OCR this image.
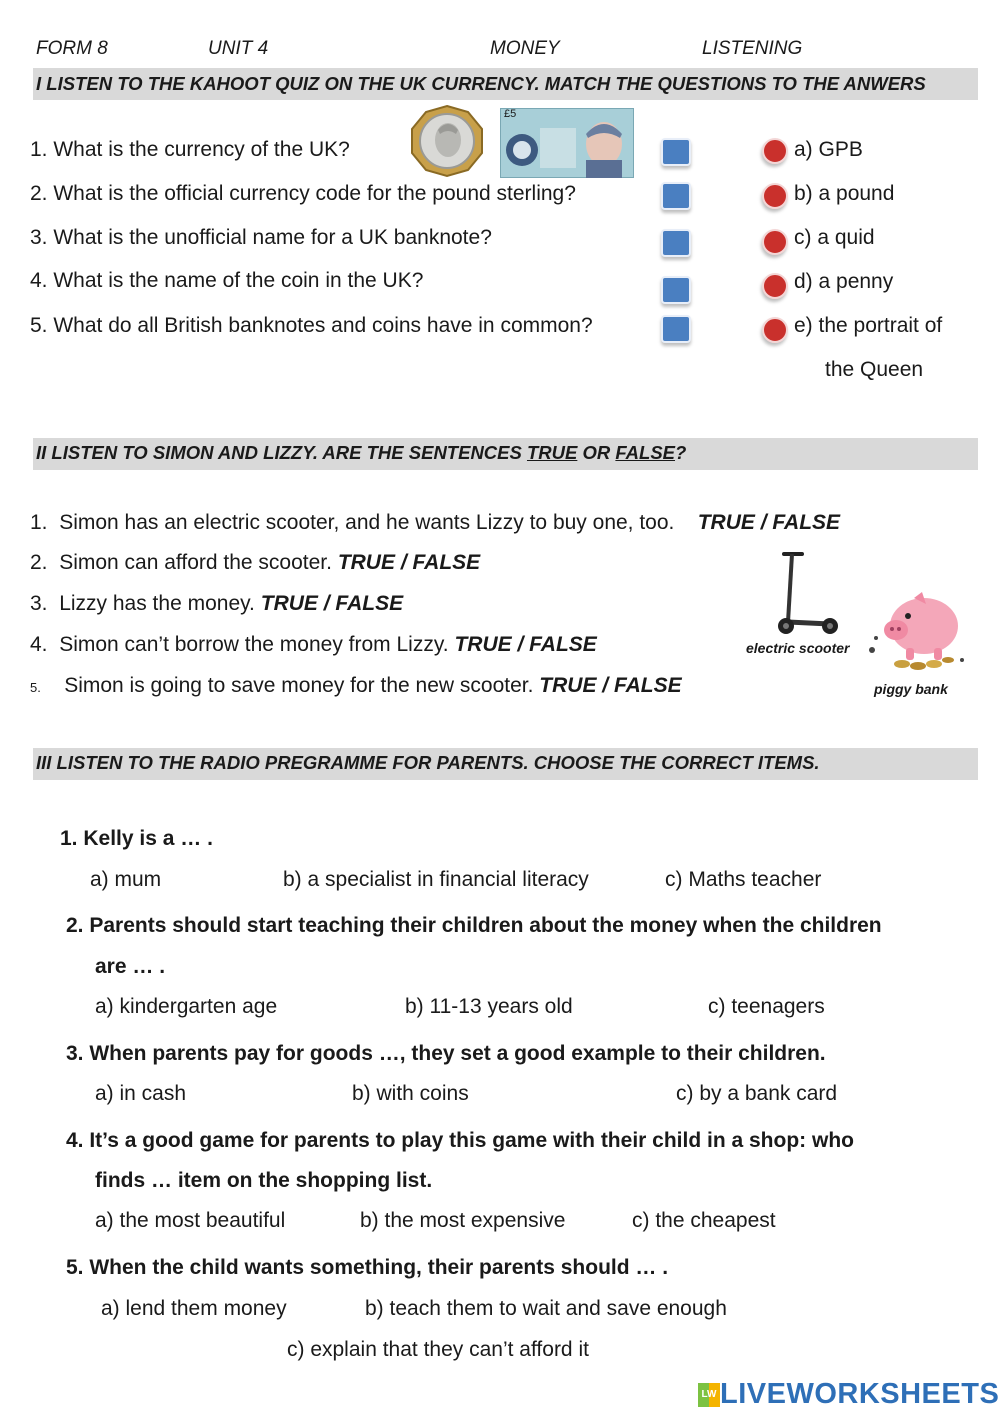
FORM 8	UNIT 4	MONEY	LISTENING
I LISTEN TO THE KAHOOT QUIZ ON THE UK CURRENCY. MATCH THE QUESTIONS TO THE ANWERS
£5
1. What is the currency of the UK?
2. What is the official currency code for the pound sterling?
3. What is the unofficial name for a UK banknote?
4. What is the name of the coin in the UK?
5. What do all British banknotes and coins have in common?
a) GPB
b) a pound
c) a quid
d) a penny
e) the portrait of
the Queen
II LISTEN TO SIMON AND LIZZY. ARE THE SENTENCES TRUE OR FALSE?
1. Simon has an electric scooter, and he wants Lizzy to buy one, too. TRUE / FALSE
2. Simon can afford the scooter. TRUE / FALSE
3. Lizzy has the money. TRUE / FALSE
4. Simon can’t borrow the money from Lizzy. TRUE / FALSE
5. Simon is going to save money for the new scooter. TRUE / FALSE
electric scooter
piggy bank
III LISTEN TO THE RADIO PREGRAMME FOR PARENTS. CHOOSE THE CORRECT ITEMS.
1. Kelly is a … .
a) mum	b) a specialist in financial literacy	c) Maths teacher
2. Parents should start teaching their children about the money when the children
are … .
a) kindergarten age	b) 11-13 years old	c) teenagers
3. When parents pay for goods …, they set a good example to their children.
a) in cash	b) with coins	c) by a bank card
4. It’s a good game for parents to play this game with their child in a shop: who
finds … item on the shopping list.
a) the most beautiful	b) the most expensive	c) the cheapest
5. When the child wants something, their parents should … .
a) lend them money	b) teach them to wait and save enough
c) explain that they can’t afford it
LW LIVEWORKSHEETS
